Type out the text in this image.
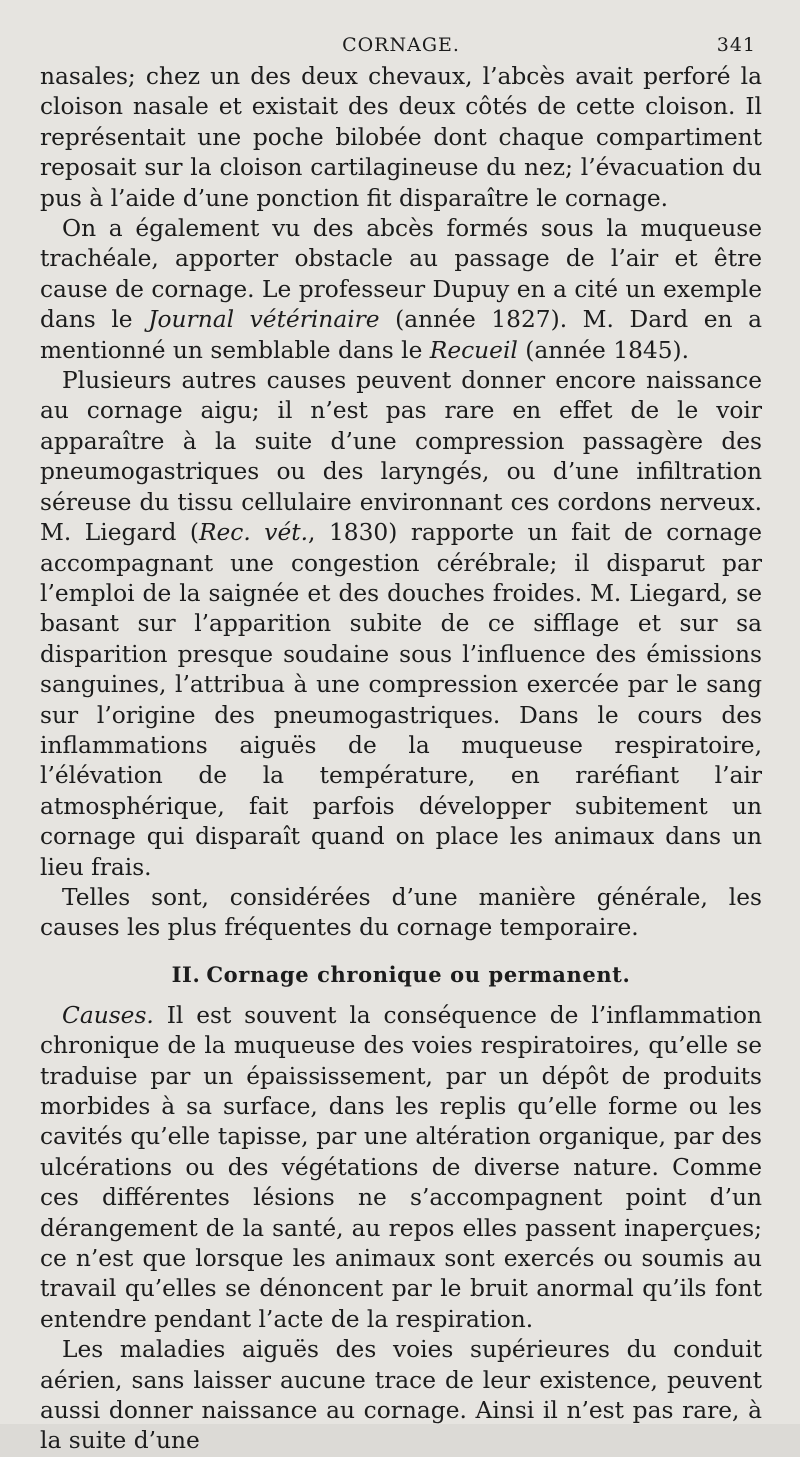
CORNAGE.	341

nasales; chez un des deux chevaux, l’abcès avait perforé la cloison nasale et existait des deux côtés de cette cloison. Il représentait une poche bilobée dont chaque compartiment reposait sur la cloison cartilagineuse du nez; l’évacuation du pus à l’aide d’une ponction fit disparaître le cornage.

On a également vu des abcès formés sous la muqueuse trachéale, apporter obstacle au passage de l’air et être cause de cornage. Le professeur Dupuy en a cité un exemple dans le Journal vétérinaire (année 1827). M. Dard en a mentionné un semblable dans le Recueil (année 1845).

Plusieurs autres causes peuvent donner encore naissance au cornage aigu; il n’est pas rare en effet de le voir apparaître à la suite d’une compression passagère des pneumogastriques ou des laryngés, ou d’une infiltration séreuse du tissu cellulaire environnant ces cordons nerveux. M. Liegard (Rec. vét., 1830) rapporte un fait de cornage accompagnant une congestion cérébrale; il disparut par l’emploi de la saignée et des douches froides. M. Liegard, se basant sur l’apparition subite de ce sifflage et sur sa disparition presque soudaine sous l’influence des émissions sanguines, l’attribua à une compression exercée par le sang sur l’origine des pneumogastriques. Dans le cours des inflammations aiguës de la muqueuse respiratoire, l’élévation de la température, en raréfiant l’air atmosphérique, fait parfois développer subitement un cornage qui disparaît quand on place les animaux dans un lieu frais.

Telles sont, considérées d’une manière générale, les causes les plus fréquentes du cornage temporaire.

II. Cornage chronique ou permanent.

Causes. Il est souvent la conséquence de l’inflammation chronique de la muqueuse des voies respiratoires, qu’elle se traduise par un épaississement, par un dépôt de produits morbides à sa surface, dans les replis qu’elle forme ou les cavités qu’elle tapisse, par une altération organique, par des ulcérations ou des végétations de diverse nature. Comme ces différentes lésions ne s’accompagnent point d’un dérangement de la santé, au repos elles passent inaperçues; ce n’est que lorsque les animaux sont exercés ou soumis au travail qu’elles se dénoncent par le bruit anormal qu’ils font entendre pendant l’acte de la respiration.

Les maladies aiguës des voies supérieures du conduit aérien, sans laisser aucune trace de leur existence, peuvent aussi donner naissance au cornage. Ainsi il n’est pas rare, à la suite d’une
